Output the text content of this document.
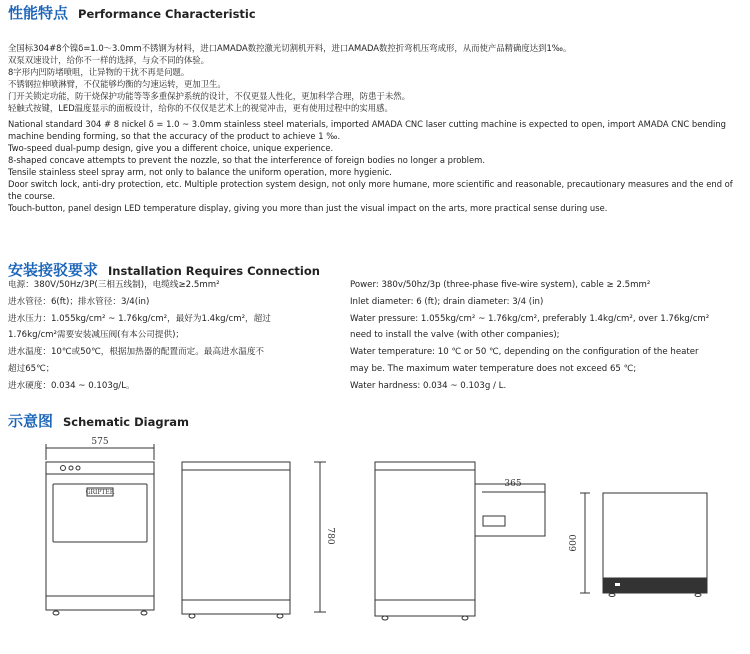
性能特点 Performance Characteristic
全国标304#8个镍δ=1.0～3.0mm不锈钢为材料，进口AMADA数控激光切割机开料，进口AMADA数控折弯机压弯成形，从而使产品精确度达到1‰。
双泵双速设计，给你不一样的选择，与众不同的体验。
8字形内凹防堵喷咀，让异物的干扰不再是问题。
不锈钢拉伸喷淋臂，不仅能够均衡的匀速运转，更加卫生。
门开关锁定功能，防干烧保护功能等等多重保护系统的设计，不仅更显人性化，更加科学合理，防患于未然。
轻触式按键，LED温度显示的面板设计，给你的不仅仅是艺术上的视觉冲击，更有使用过程中的实用感。
National standard 304 # 8 nickel δ = 1.0 ~ 3.0mm stainless steel materials, imported AMADA CNC laser cutting machine is expected to open, import AMADA CNC bending machine bending forming, so that the accuracy of the product to achieve 1 ‰.
Two-speed dual-pump design, give you a different choice, unique experience.
8-shaped concave attempts to prevent the nozzle, so that the interference of foreign bodies no longer a problem.
Tensile stainless steel spray arm, not only to balance the uniform operation, more hygienic.
Door switch lock, anti-dry protection, etc. Multiple protection system design, not only more humane, more scientific and reasonable, precautionary measures and the end of the course.
Touch-button, panel design LED temperature display, giving you more than just the visual impact on the arts, more practical sense during use.
安装接驳要求 Installation Requires Connection
电源：380V/50Hz/3P(三相五线制)，电缆线≥2.5mm²
进水管径：6(ft)；排水管径：3/4(in)
进水压力：1.055kg/cm² ~ 1.76kg/cm²，最好为1.4kg/cm²，超过
1.76kg/cm²需要安装减压阀(有本公司提供)；
进水温度：10℃或50℃，根据加热器的配置而定。最高进水温度不
超过65℃；
进水硬度：0.034 ~ 0.103g/L。
Power: 380v/50hz/3p (three-phase five-wire system), cable ≥ 2.5mm²
Inlet diameter: 6 (ft); drain diameter: 3/4 (in)
Water pressure: 1.055kg/cm² ~ 1.76kg/cm², preferably 1.4kg/cm², over 1.76kg/cm²
need to install the valve (with other companies);
Water temperature: 10 ℃ or 50 ℃, depending on the configuration of the heater
may be. The maximum water temperature does not exceed 65 ℃;
Water hardness: 0.034 ~ 0.103g / L.
示意图 Schematic Diagram
575
GRIPTER
780
365
600
